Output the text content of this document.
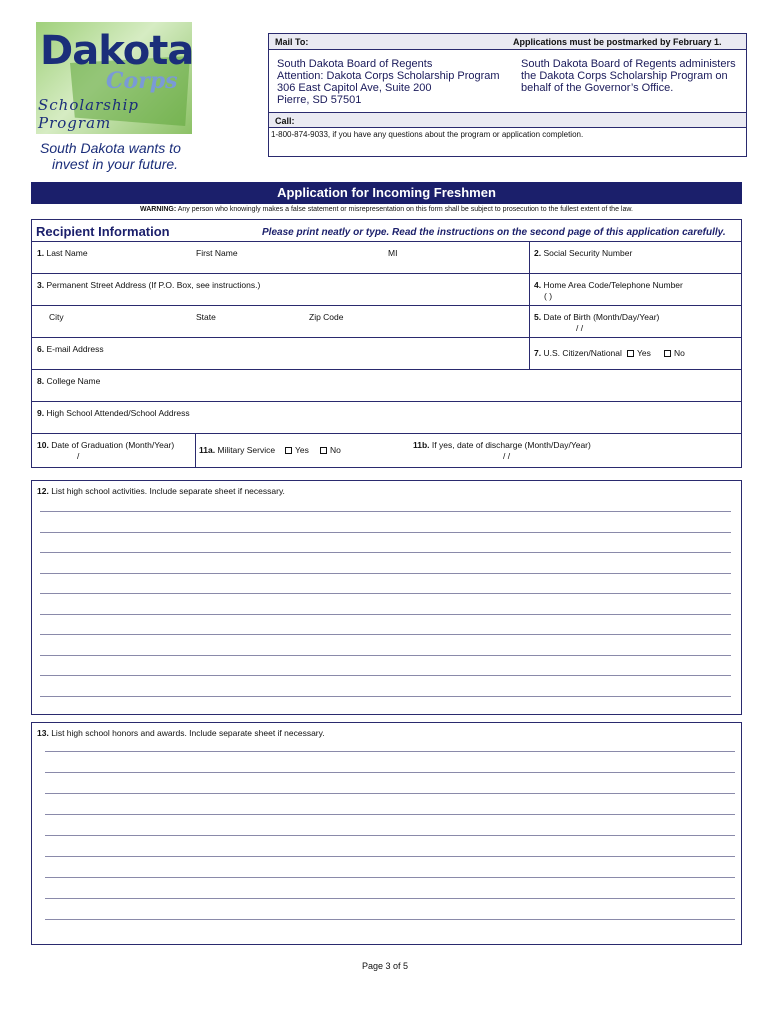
Dakota
Corps
Scholarship Program
South Dakota wants to
invest in your future.
Mail To:	Applications must be postmarked by February 1.
South Dakota Board of Regents
Attention: Dakota Corps Scholarship Program
306 East Capitol Ave, Suite 200
Pierre, SD 57501
South Dakota Board of Regents administers the Dakota Corps Scholarship Program on behalf of the Governor’s Office.
Call:
1-800-874-9033, if you have any questions about the program or application completion.
Application for Incoming Freshmen
WARNING: Any person who knowingly makes a false statement or misrepresentation on this form shall be subject to prosecution to the fullest extent of the law.
Recipient Information	Please print neatly or type. Read the instructions on the second page of this application carefully.
1. Last Name	First Name	MI	2. Social Security Number
3. Permanent Street Address (If P.O. Box, see instructions.)	4. Home Area Code/Telephone Number
( )
City	State	Zip Code	5. Date of Birth (Month/Day/Year)
/ /
6. E-mail Address	7. U.S. Citizen/National	Yes	No
8. College Name
9. High School Attended/School Address
10. Date of Graduation (Month/Year)
/
11a. Military Service	Yes	No	11b. If yes, date of discharge (Month/Day/Year)
/ /
12. List high school activities. Include separate sheet if necessary.
13. List high school honors and awards. Include separate sheet if necessary.
Page 3 of 5
